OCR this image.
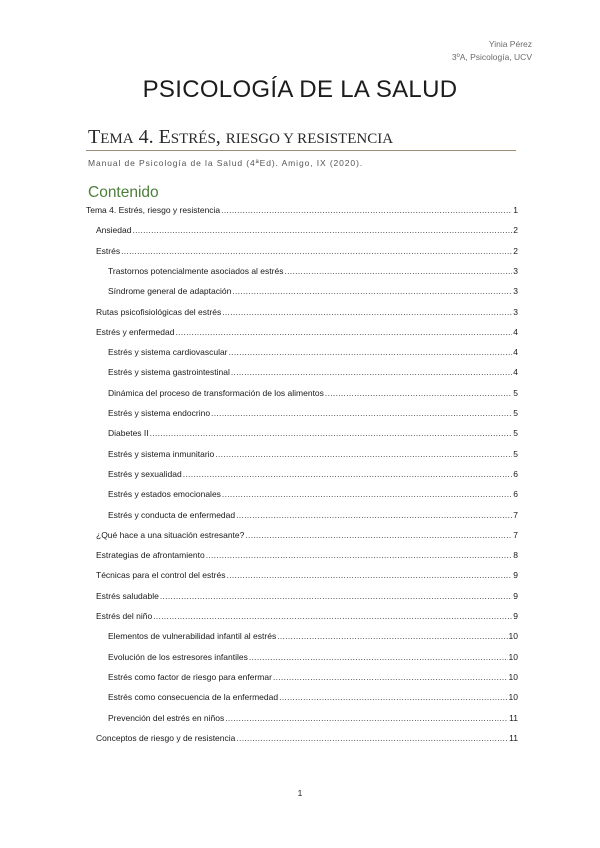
Yinia Pérez
3ºA, Psicología, UCV
PSICOLOGÍA DE LA SALUD
TEMA 4. ESTRÉS, RIESGO Y RESISTENCIA
Manual de Psicología de la Salud (4ªEd). Amigo, IX (2020).
Contenido
Tema 4. Estrés, riesgo y resistencia .....	1
Ansiedad .....	2
Estrés .....	2
Trastornos potencialmente asociados al estrés .....	3
Síndrome general de adaptación .....	3
Rutas psicofisiológicas del estrés .....	3
Estrés y enfermedad .....	4
Estrés y sistema cardiovascular .....	4
Estrés y sistema gastrointestinal .....	4
Dinámica del proceso de transformación de los alimentos .....	5
Estrés y sistema endocrino .....	5
Diabetes II .....	5
Estrés y sistema inmunitario .....	5
Estrés y sexualidad .....	6
Estrés y estados emocionales .....	6
Estrés y conducta de enfermedad .....	7
¿Qué hace a una situación estresante? .....	7
Estrategias de afrontamiento .....	8
Técnicas para el control del estrés .....	9
Estrés saludable .....	9
Estrés del niño .....	9
Elementos de vulnerabilidad infantil al estrés .....	10
Evolución de los estresores infantiles .....	10
Estrés como factor de riesgo para enfermar .....	10
Estrés como consecuencia de la enfermedad .....	10
Prevención del estrés en niños .....	11
Conceptos de riesgo y de resistencia .....	11
1
